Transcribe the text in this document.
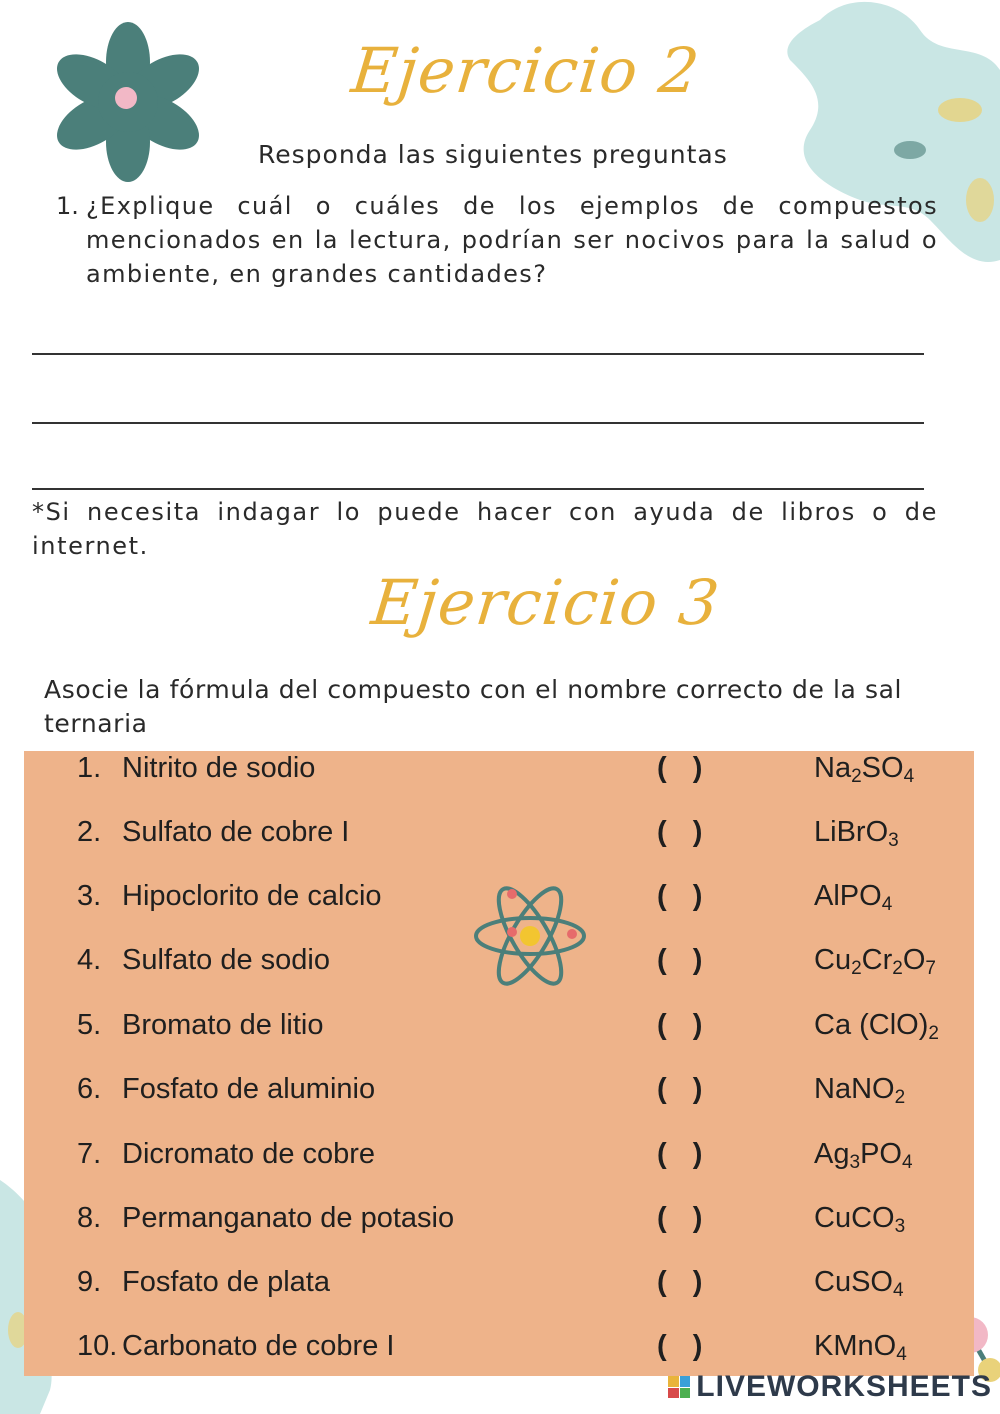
Ejercicio 2
Responda las siguientes preguntas
1. ¿Explique cuál o cuáles de los ejemplos de compuestos mencionados en la lectura, podrían ser nocivos para la salud o ambiente, en grandes cantidades?
*Si necesita indagar lo puede hacer con ayuda de libros o de internet.
Ejercicio 3
Asocie la fórmula del compuesto con el nombre correcto de la sal ternaria
1. Nitrito de sodio	( )	$Na_2SO_4$
2. Sulfato de cobre I	( )	LiBrO$_3$
3. Hipoclorito de calcio	( )	AlPO$_4$
4. Sulfato de sodio	( )	$Cu_2Cr_2O_7$
5. Bromato de litio	( )	Ca $(ClO)_2$
6. Fosfato de aluminio	( )	NaNO$_2$
7. Dicromato de cobre	( )	$Ag_3PO_4$
8. Permanganato de potasio	( )	CuCO$_3$
9. Fosfato de plata	( )	CuSO$_4$
10. Carbonato de cobre I	( )	KMnO$_4$
LIVEWORKSHEETS
